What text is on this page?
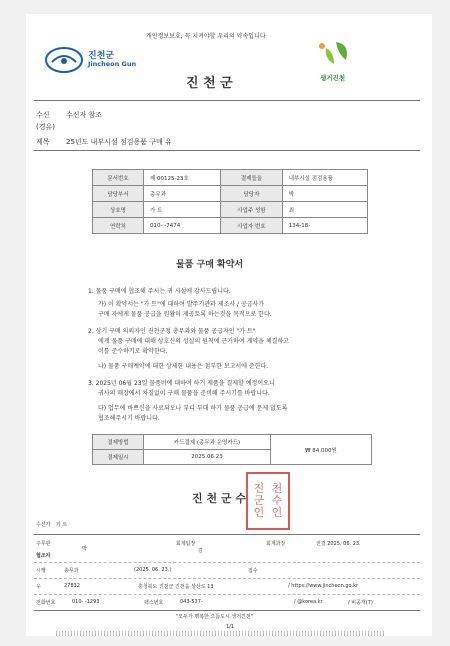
개인정보보호, 꼭 지켜야할 우리의 약속입니다
진천군
Jincheon Gun
생거진천
진 천 군
수신 수신자 참조
(경유)
제목 25년도 내부시설 점검용품 구매 유
문서번호	제 00125-23호	결제들을	내부시설 점검용품
담당부서	총무과	담당자	박
상호명	가 트	사업주 성함	최
연락처	010- -7474	사업자 번호	134-18-
물품 구매 확약서
1. 물품 구매에 협조해 주시는 귀 시설에 감사드립니다.
가) 이 확약서는 "가 트"에 대하여 발주기관과 제조사 / 공급사가
구매 자에게 물품 공급을 원활히 제공토록 하는것을 목적으로 한다.
2. 상기 구매 의뢰자인 진천군청 총무과와 물품 공급자인 "가 트"
에게 물품 구매에 대해 상호신의 성실의 원칙에 근거하여 계약을 체결하고
이를 준수하기로 확약한다.
나) 물품 구매계약에 대한 상세한 내용은 첨부한 보고서에 준한다.
3. 2025년 06월 23일 물품비에 대하여 하기 제품을 결제할 예정이오니
귀사의 매장에서 차질없이 구매 물품을 준비해 주시기를 바랍니다.
다) 업무에 바쁘신을 사료되오나 부디 부대 하기 물품 공급에 문제 없도록
협조해주시기 바랍니다.
결제방법	카드결제 (총무과 운영카드)	₩ 84,000원
결제일시	2025.06.23	
진 천 군 수
진 천
군 수
인 인
수신자 가 트
주무관
박
회계팀장
김
회계과장	전결 2025. 06. 23.
협조자
시행	총무과	(2025. 06. 23.)	접수
우	27832	충청북도 진천군 진천읍 상산로 13	/ https://www.jincheon.go.kr
전화번호	010- -1293	팩스번호	043-537-	/ @korea.kr	/ 비공개(7)
"모두가 행복한 으뜸도시 생거진천"
1/1
